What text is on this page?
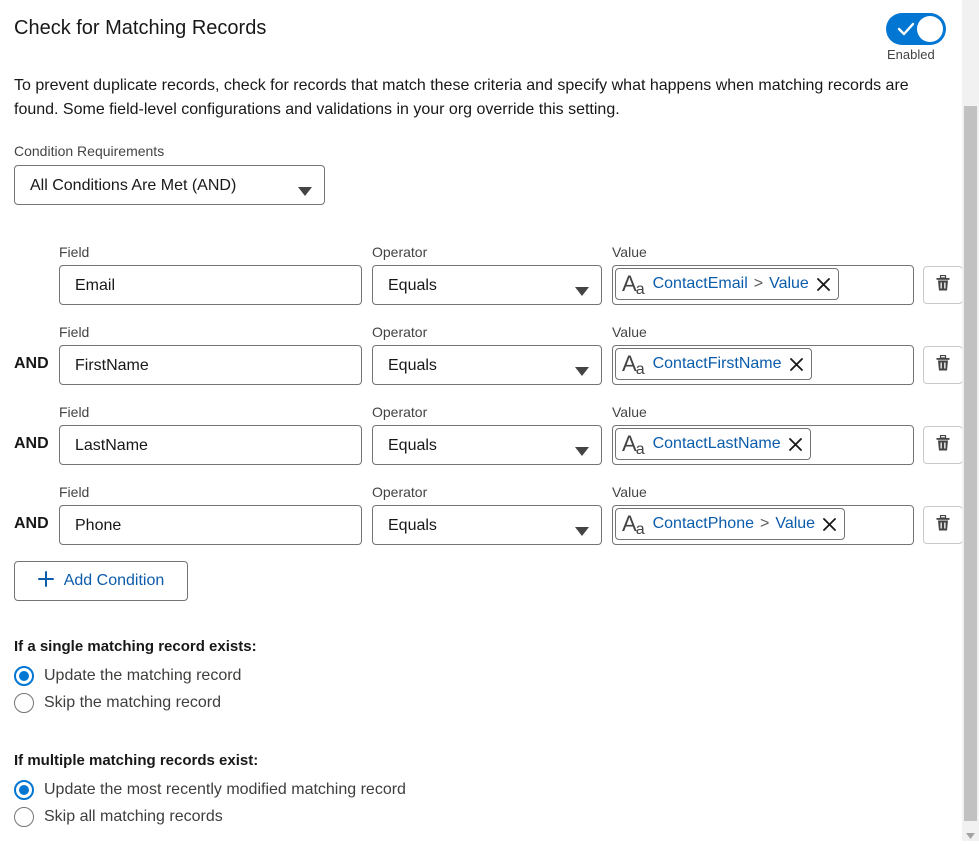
Check for Matching Records
Enabled
To prevent duplicate records, check for records that match these criteria and specify what happens when matching records are found. Some field-level configurations and validations in your org override this setting.
Condition Requirements
All Conditions Are Met (AND)
Field	Operator	Value
Email	Equals	A a ContactEmail > Value
Field	Operator	Value
AND FirstName	Equals	A a ContactFirstName
Field	Operator	Value
AND LastName	Equals	A a ContactLastName
Field	Operator	Value
AND Phone	Equals	A a ContactPhone > Value
Add Condition
If a single matching record exists:
Update the matching record
Skip the matching record
If multiple matching records exist:
Update the most recently modified matching record
Skip all matching records
